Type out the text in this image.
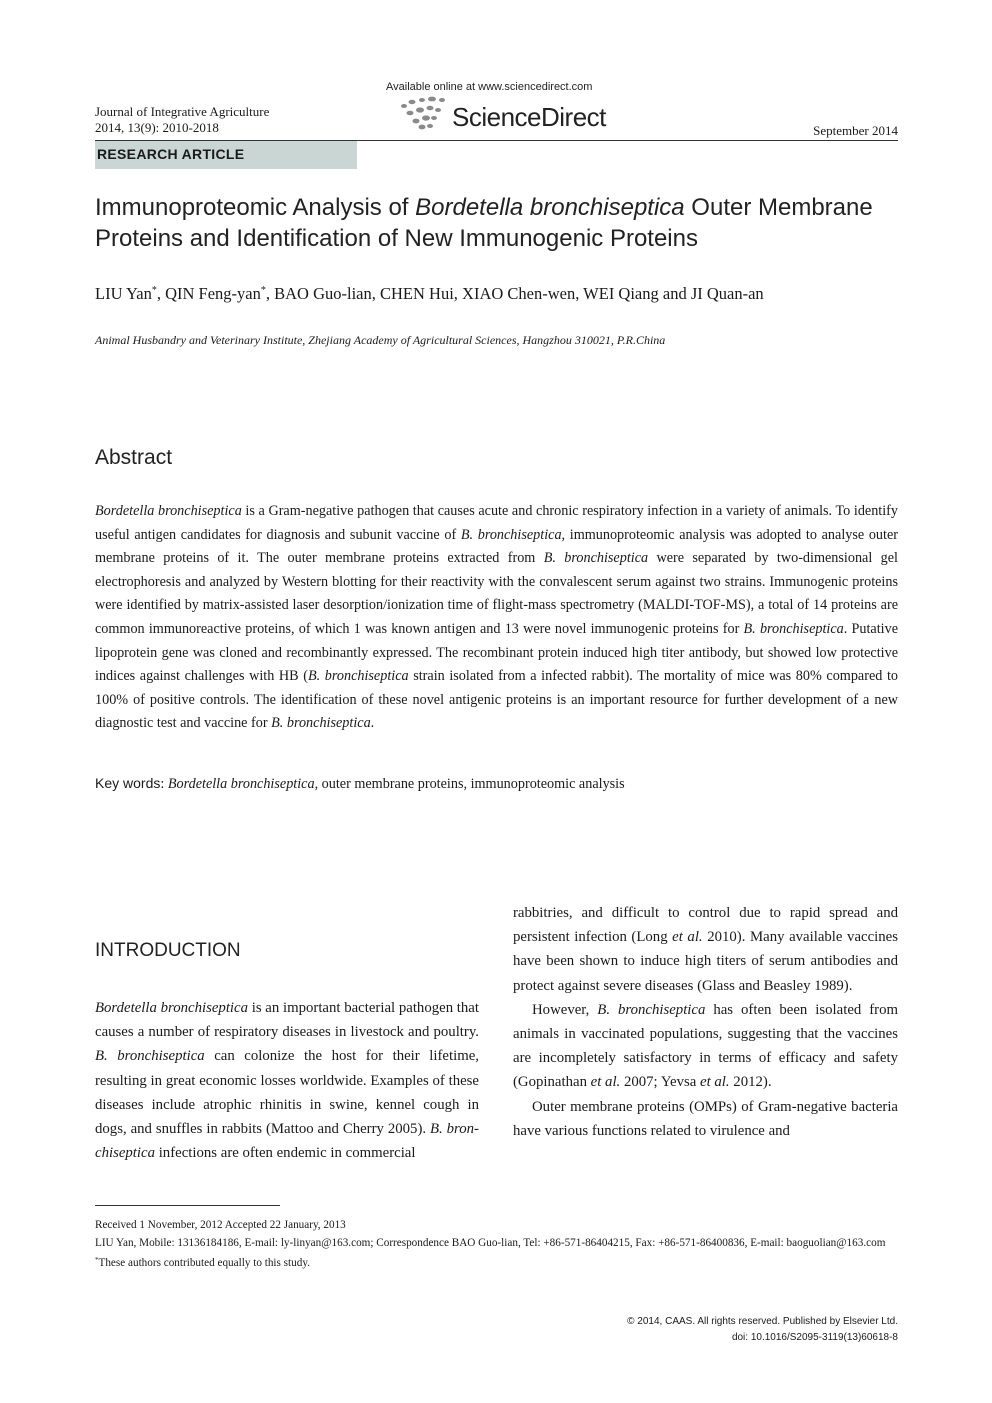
Journal of Integrative Agriculture
2014, 13(9): 2010-2018
Available online at www.sciencedirect.com
ScienceDirect	September 2014
RESEARCH ARTICLE
Immunoproteomic Analysis of Bordetella bronchiseptica Outer Membrane Proteins and Identification of New Immunogenic Proteins
LIU Yan*, QIN Feng-yan*, BAO Guo-lian, CHEN Hui, XIAO Chen-wen, WEI Qiang and JI Quan-an
Animal Husbandry and Veterinary Institute, Zhejiang Academy of Agricultural Sciences, Hangzhou 310021, P.R.China
Abstract
Bordetella bronchiseptica is a Gram-negative pathogen that causes acute and chronic respiratory infection in a variety of animals. To identify useful antigen candidates for diagnosis and subunit vaccine of B. bronchiseptica, immunoproteomic analysis was adopted to analyse outer membrane proteins of it. The outer membrane proteins extracted from B. bronchiseptica were separated by two-dimensional gel electrophoresis and analyzed by Western blotting for their reactivity with the convalescent serum against two strains. Immunogenic proteins were identified by matrix-assisted laser desorption/ionization time of flight-mass spectrometry (MALDI-TOF-MS), a total of 14 proteins are common immunoreactive proteins, of which 1 was known antigen and 13 were novel immunogenic proteins for B. bronchiseptica. Putative lipoprotein gene was cloned and recombinantly expressed. The recombinant protein induced high titer antibody, but showed low protective indices against challenges with HB (B. bronchiseptica strain isolated from a infected rabbit). The mortality of mice was 80% compared to 100% of positive controls. The identification of these novel antigenic proteins is an important resource for further development of a new diagnostic test and vaccine for B. bronchiseptica.
Key words: Bordetella bronchiseptica, outer membrane proteins, immunoproteomic analysis
INTRODUCTION

Bordetella bronchiseptica is an important bacterial pathogen that causes a number of respiratory diseases in livestock and poultry. B. bronchiseptica can colonize the host for their lifetime, resulting in great economic losses worldwide. Examples of these diseases include atrophic rhinitis in swine, kennel cough in dogs, and snuffles in rabbits (Mattoo and Cherry 2005). B. bron-chiseptica infections are often endemic in commercial

rabbitries, and difficult to control due to rapid spread and persistent infection (Long et al. 2010). Many available vaccines have been shown to induce high titers of serum antibodies and protect against severe diseases (Glass and Beasley 1989).

However, B. bronchiseptica has often been isolated from animals in vaccinated populations, suggesting that the vaccines are incompletely satisfactory in terms of efficacy and safety (Gopinathan et al. 2007; Yevsa et al. 2012).

Outer membrane proteins (OMPs) of Gram-negative bacteria have various functions related to virulence and

Received 1 November, 2012 Accepted 22 January, 2013
LIU Yan, Mobile: 13136184186, E-mail: ly-linyan@163.com; Correspondence BAO Guo-lian, Tel: +86-571-86404215, Fax: +86-571-86400836, E-mail: baoguolian@163.com
*These authors contributed equally to this study.
© 2014, CAAS. All rights reserved. Published by Elsevier Ltd.
doi: 10.1016/S2095-3119(13)60618-8
